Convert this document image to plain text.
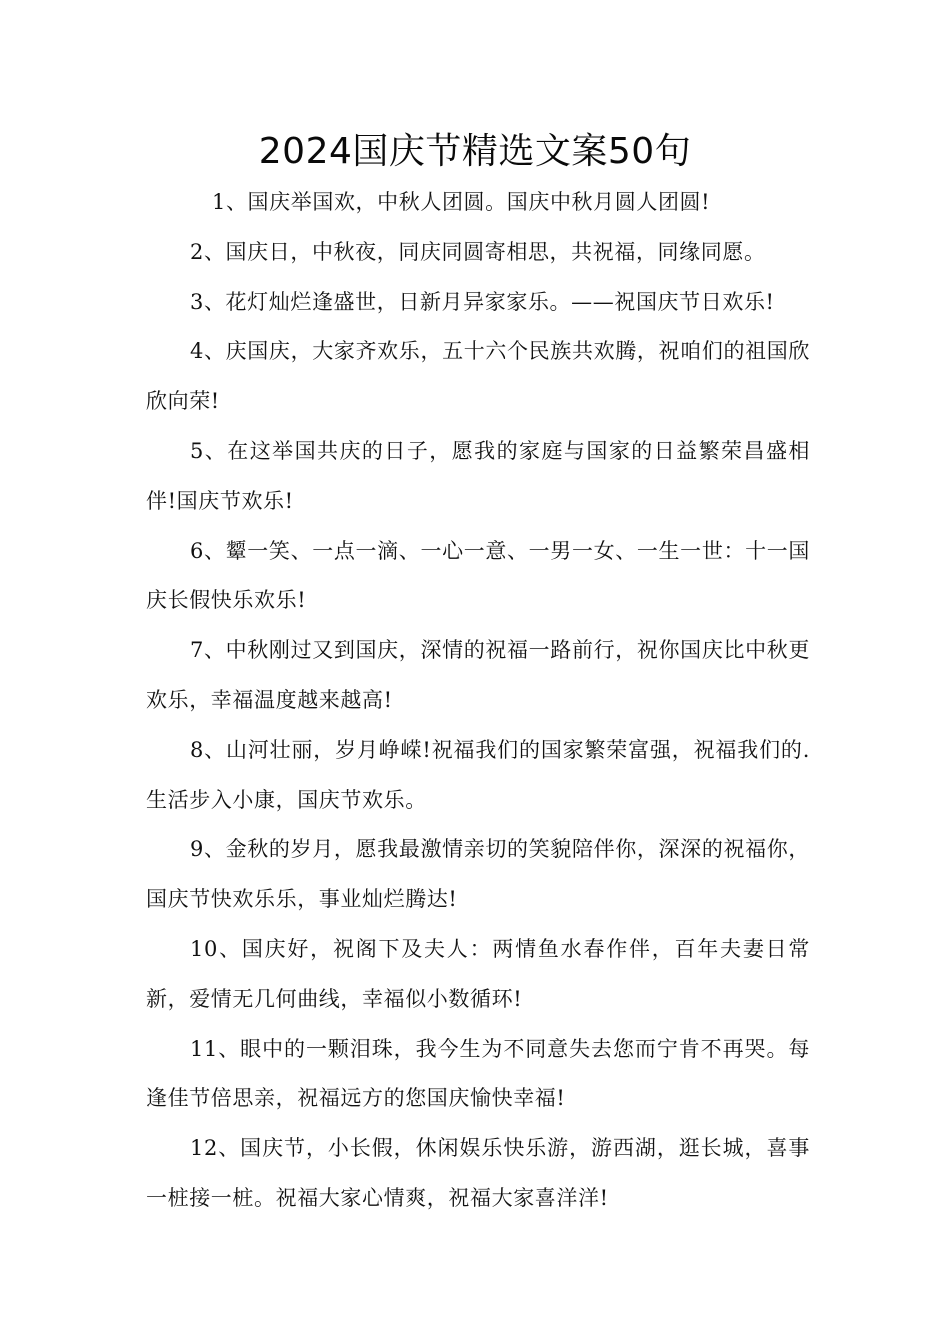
2024国庆节精选文案50句

1、国庆举国欢，中秋人团圆。国庆中秋月圆人团圆!

2、国庆日，中秋夜，同庆同圆寄相思，共祝福，同缘同愿。

3、花灯灿烂逢盛世，日新月异家家乐。——祝国庆节日欢乐!

4、庆国庆，大家齐欢乐，五十六个民族共欢腾，祝咱们的祖国欣欣向荣!

5、在这举国共庆的日子，愿我的家庭与国家的日益繁荣昌盛相伴!国庆节欢乐!

6、颦一笑、一点一滴、一心一意、一男一女、一生一世：十一国庆长假快乐欢乐!

7、中秋刚过又到国庆，深情的祝福一路前行，祝你国庆比中秋更欢乐，幸福温度越来越高!

8、山河壮丽，岁月峥嵘!祝福我们的国家繁荣富强，祝福我们的.生活步入小康，国庆节欢乐。

9、金秋的岁月，愿我最激情亲切的笑貌陪伴你，深深的祝福你，国庆节快欢乐乐，事业灿烂腾达!

10、国庆好，祝阁下及夫人：两情鱼水春作伴，百年夫妻日常新，爱情无几何曲线，幸福似小数循环!

11、眼中的一颗泪珠，我今生为不同意失去您而宁肯不再哭。每逢佳节倍思亲，祝福远方的您国庆愉快幸福!

12、国庆节，小长假，休闲娱乐快乐游，游西湖，逛长城，喜事一桩接一桩。祝福大家心情爽，祝福大家喜洋洋!
